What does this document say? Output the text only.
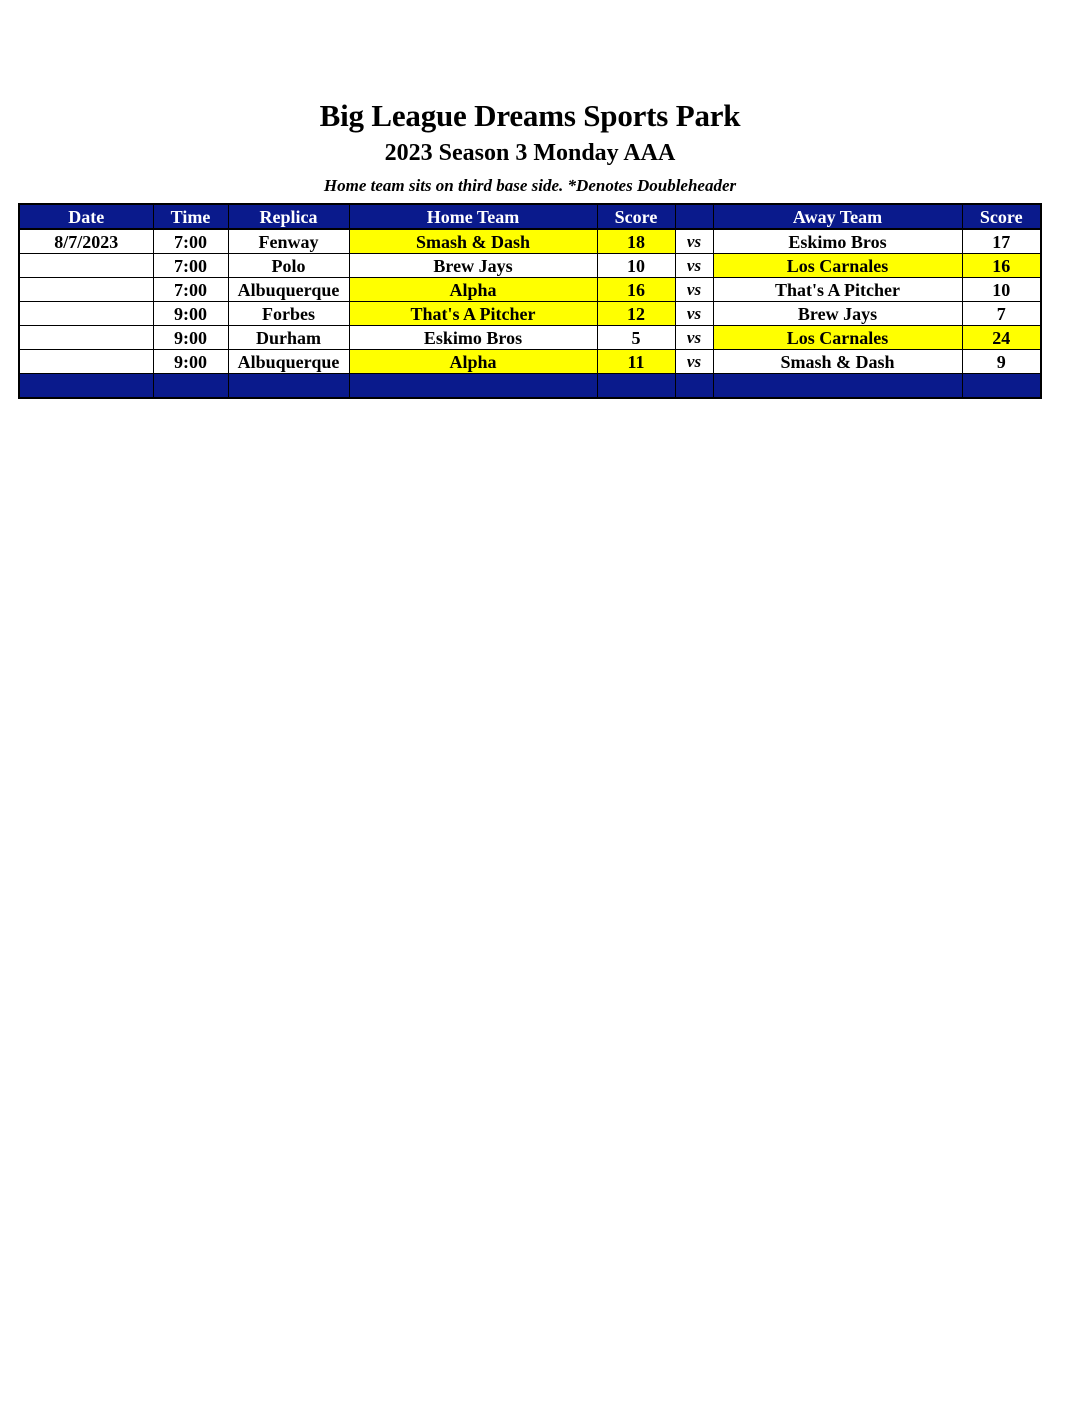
Big League Dreams Sports Park
2023 Season 3 Monday AAA
Home team sits on third base side. *Denotes Doubleheader
Date	Time	Replica	Home Team	Score		Away Team	Score
8/7/2023	7:00	Fenway	Smash & Dash	18	vs	Eskimo Bros	17
	7:00	Polo	Brew Jays	10	vs	Los Carnales	16
	7:00	Albuquerque	Alpha	16	vs	That's A Pitcher	10
	9:00	Forbes	That's A Pitcher	12	vs	Brew Jays	7
	9:00	Durham	Eskimo Bros	5	vs	Los Carnales	24
	9:00	Albuquerque	Alpha	11	vs	Smash & Dash	9
